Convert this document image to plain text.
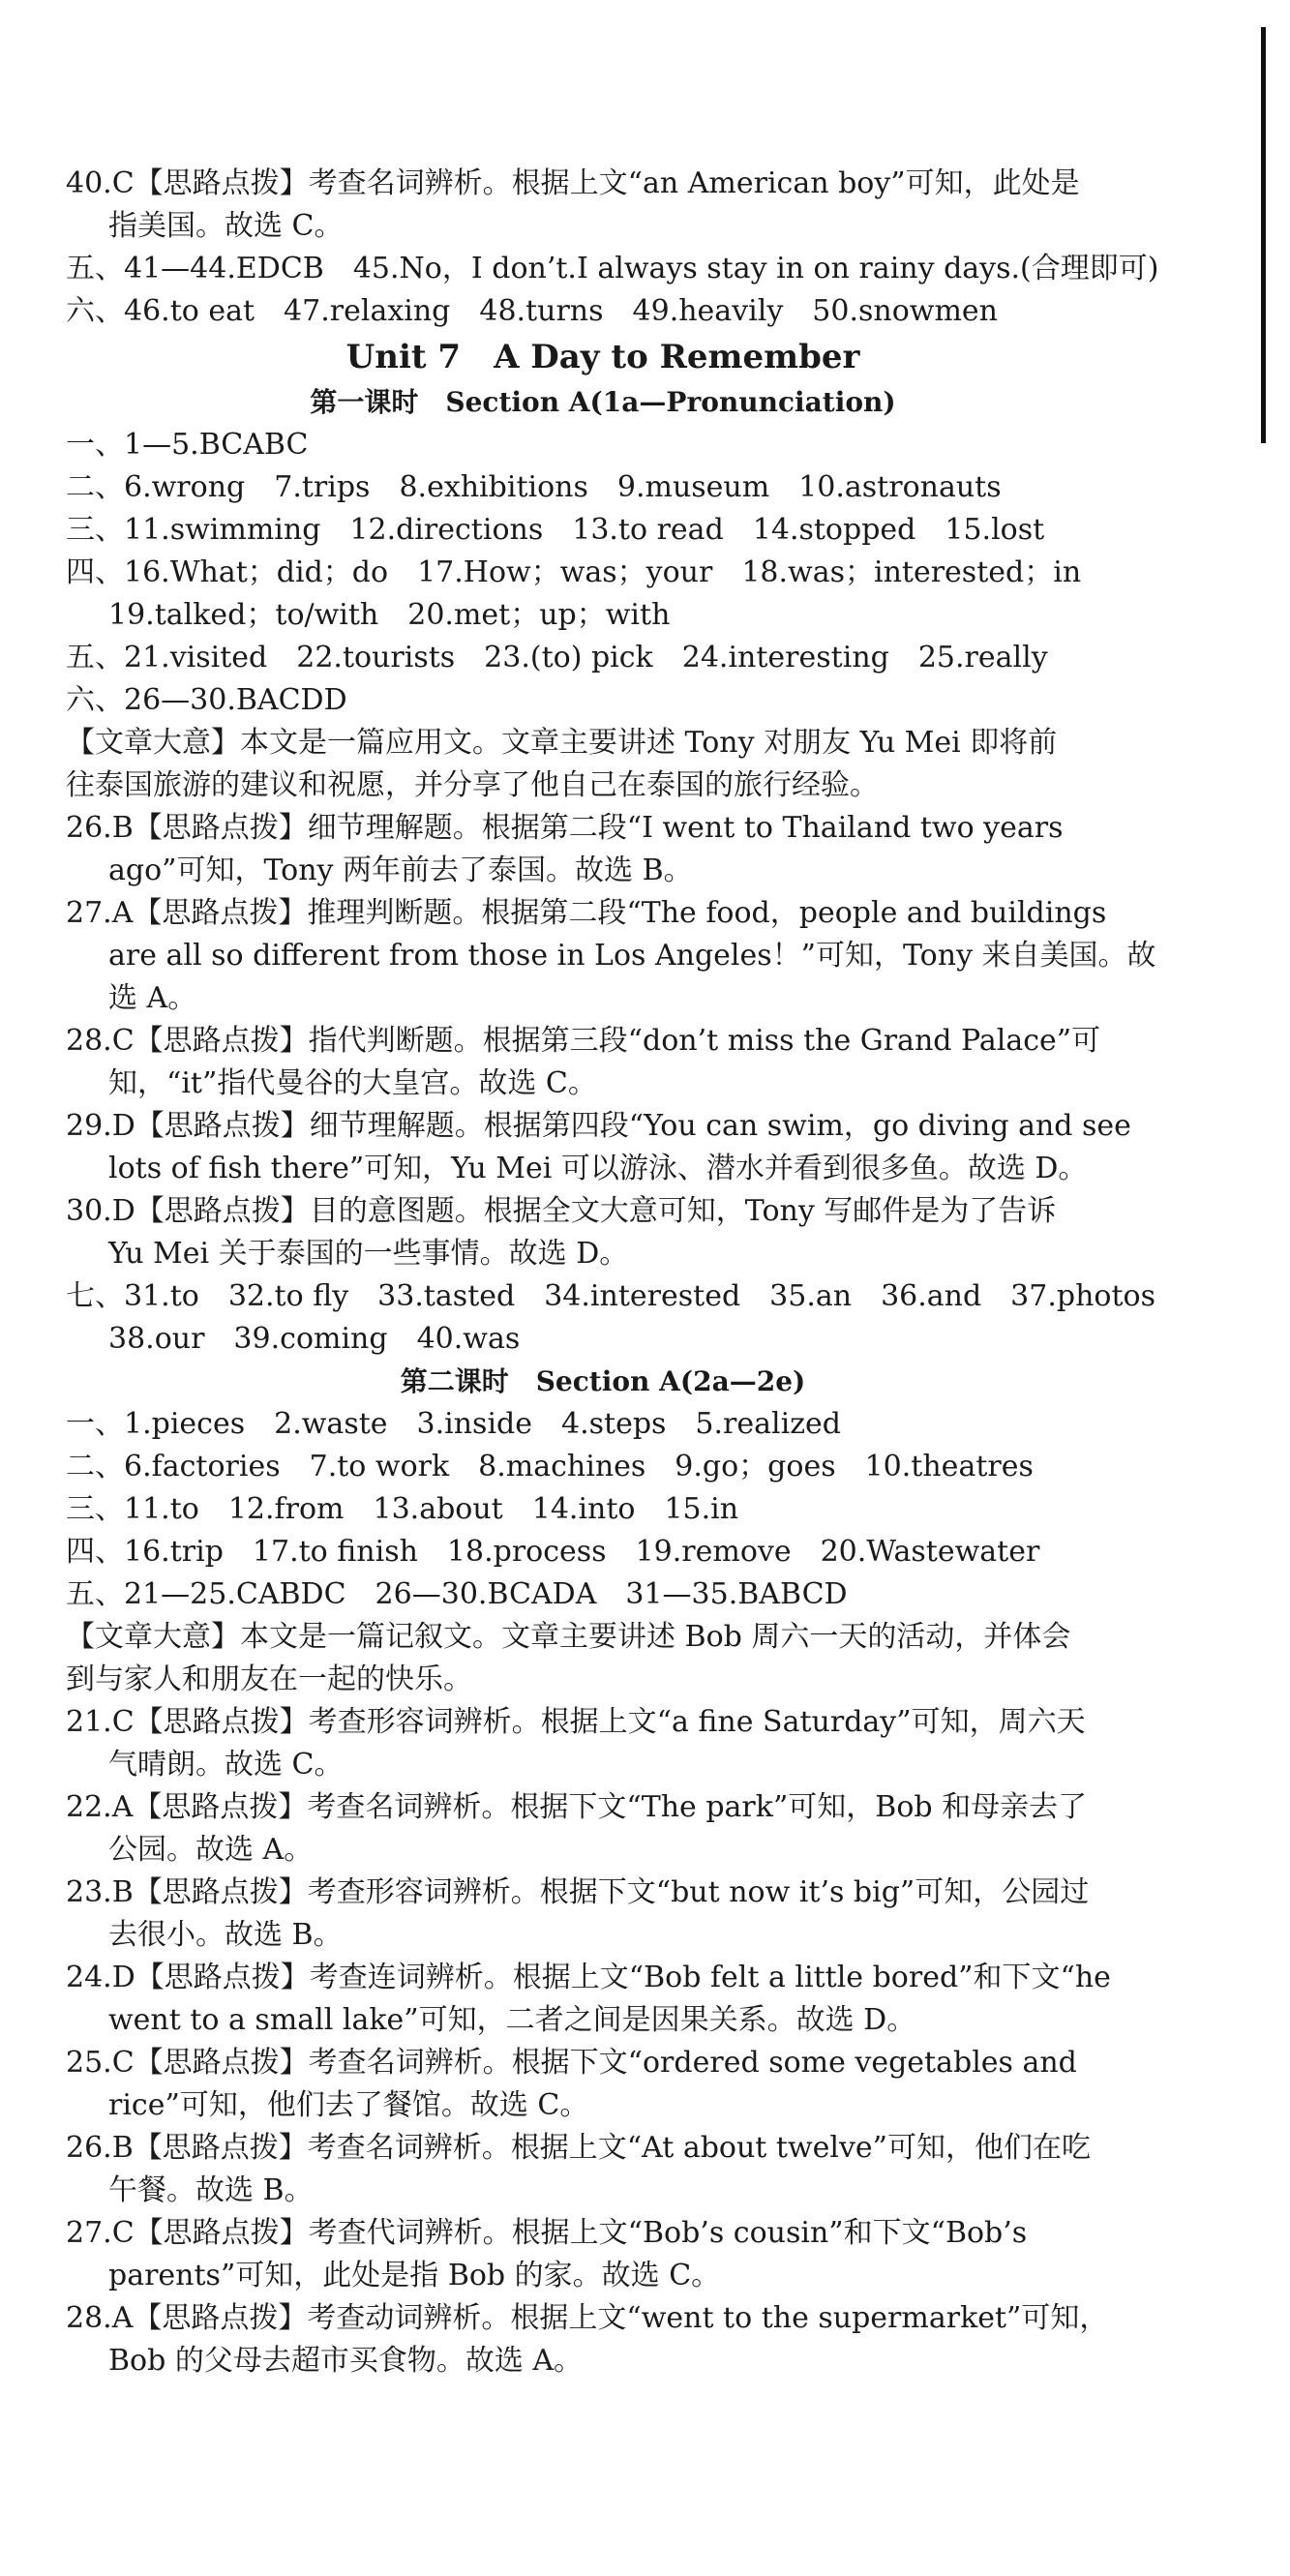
40.C【思路点拨】考查名词辨析。根据上文“an American boy”可知，此处是
指美国。故选 C。
五、41—44.EDCB　45.No，I don’t.I always stay in on rainy days.(合理即可)
六、46.to eat　47.relaxing　48.turns　49.heavily　50.snowmen
Unit 7　A Day to Remember
第一课时　Section A(1a—Pronunciation)
一、1—5.BCABC
二、6.wrong　7.trips　8.exhibitions　9.museum　10.astronauts
三、11.swimming　12.directions　13.to read　14.stopped　15.lost
四、16.What；did；do　17.How；was；your　18.was；interested；in
19.talked；to/with　20.met；up；with
五、21.visited　22.tourists　23.(to) pick　24.interesting　25.really
六、26—30.BACDD
【文章大意】本文是一篇应用文。文章主要讲述 Tony 对朋友 Yu Mei 即将前
往泰国旅游的建议和祝愿，并分享了他自己在泰国的旅行经验。
26.B【思路点拨】细节理解题。根据第二段“I went to Thailand two years
ago”可知，Tony 两年前去了泰国。故选 B。
27.A【思路点拨】推理判断题。根据第二段“The food，people and buildings
are all so different from those in Los Angeles！”可知，Tony 来自美国。故
选 A。
28.C【思路点拨】指代判断题。根据第三段“don’t miss the Grand Palace”可
知，“it”指代曼谷的大皇宫。故选 C。
29.D【思路点拨】细节理解题。根据第四段“You can swim，go diving and see
lots of fish there”可知，Yu Mei 可以游泳、潜水并看到很多鱼。故选 D。
30.D【思路点拨】目的意图题。根据全文大意可知，Tony 写邮件是为了告诉
Yu Mei 关于泰国的一些事情。故选 D。
七、31.to　32.to fly　33.tasted　34.interested　35.an　36.and　37.photos
38.our　39.coming　40.was
第二课时　Section A(2a—2e)
一、1.pieces　2.waste　3.inside　4.steps　5.realized
二、6.factories　7.to work　8.machines　9.go；goes　10.theatres
三、11.to　12.from　13.about　14.into　15.in
四、16.trip　17.to finish　18.process　19.remove　20.Wastewater
五、21—25.CABDC　26—30.BCADA　31—35.BABCD
【文章大意】本文是一篇记叙文。文章主要讲述 Bob 周六一天的活动，并体会
到与家人和朋友在一起的快乐。
21.C【思路点拨】考查形容词辨析。根据上文“a fine Saturday”可知，周六天
气晴朗。故选 C。
22.A【思路点拨】考查名词辨析。根据下文“The park”可知，Bob 和母亲去了
公园。故选 A。
23.B【思路点拨】考查形容词辨析。根据下文“but now it’s big”可知，公园过
去很小。故选 B。
24.D【思路点拨】考查连词辨析。根据上文“Bob felt a little bored”和下文“he
went to a small lake”可知，二者之间是因果关系。故选 D。
25.C【思路点拨】考查名词辨析。根据下文“ordered some vegetables and
rice”可知，他们去了餐馆。故选 C。
26.B【思路点拨】考查名词辨析。根据上文“At about twelve”可知，他们在吃
午餐。故选 B。
27.C【思路点拨】考查代词辨析。根据上文“Bob’s cousin”和下文“Bob’s
parents”可知，此处是指 Bob 的家。故选 C。
28.A【思路点拨】考查动词辨析。根据上文“went to the supermarket”可知，
Bob 的父母去超市买食物。故选 A。
